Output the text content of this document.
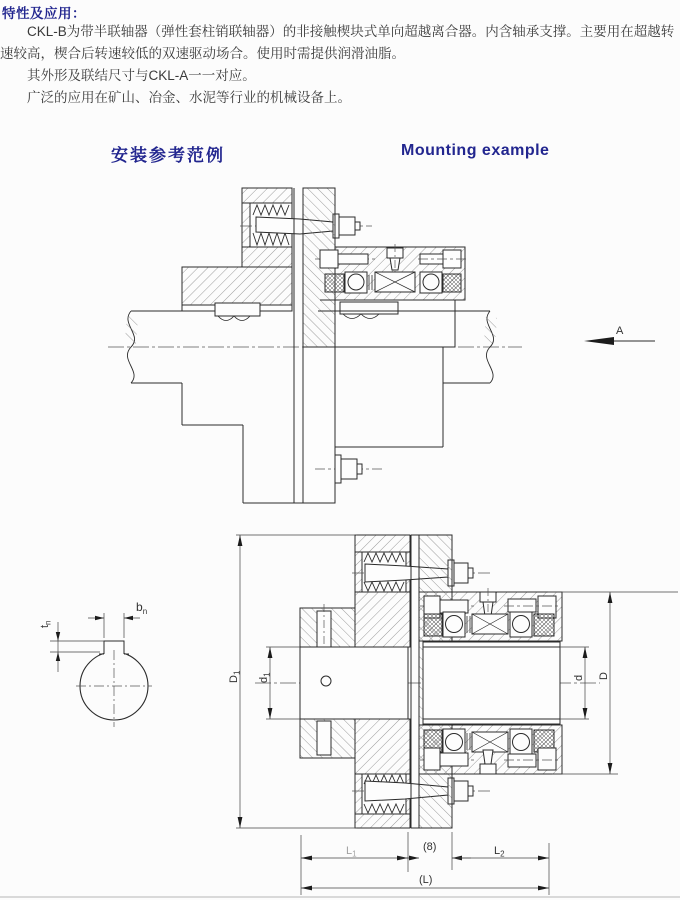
特性及应用：

CKL-B为带半联轴器（弹性套柱销联轴器）的非接触楔块式单向超越离合器。内含轴承支撑。主要用在超越转速较高，楔合后转速较低的双速驱动场合。使用时需提供润滑油脂。

其外形及联结尺寸与CKL-A一一对应。

广泛的应用在矿山、冶金、水泥等行业的机械设备上。

安装参考范例	Mounting example
A
$b_n$
$t_n$
$D_1$
$d_1$
d D
$L_1$
(8)	$L_2$
(L)
